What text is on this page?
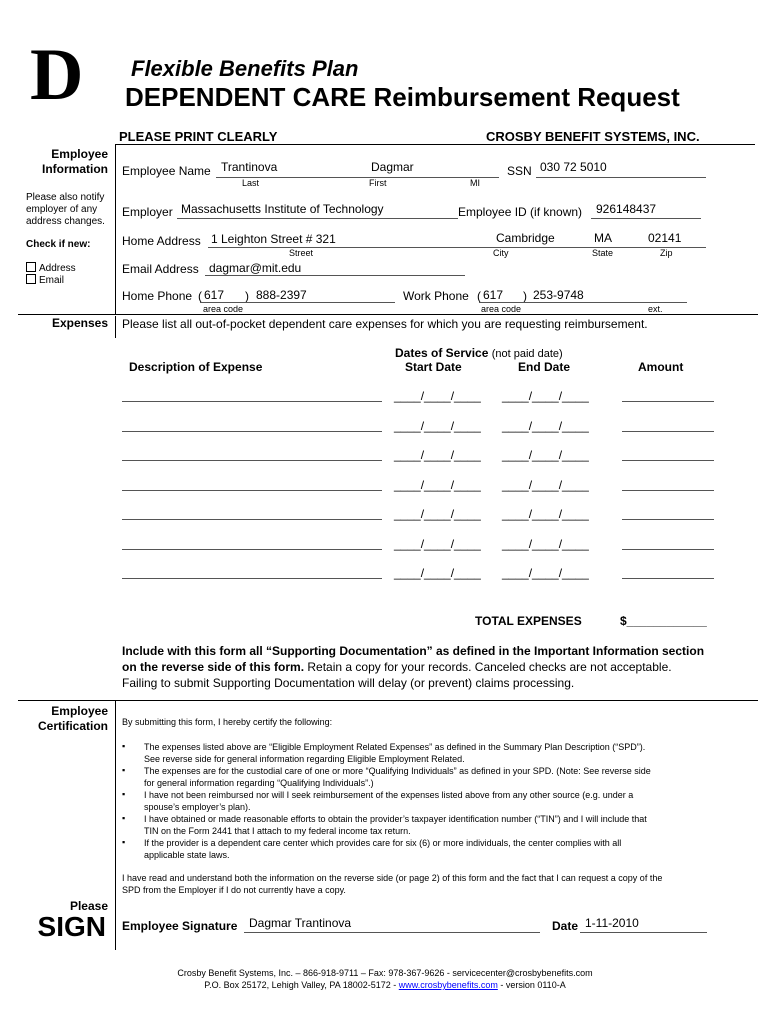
D Flexible Benefits Plan
DEPENDENT CARE Reimbursement Request
PLEASE PRINT CLEARLY	CROSBY BENEFIT SYSTEMS, INC.
Employee Information
Please also notify
employer of any
address changes.
Check if new:
Address
Email
Expenses
Employee Certification
Please
SIGN
Employee Name Trantinova	Dagmar
Last	First	MI
SSN 030 72 5010
Employer Massachusetts Institute of Technology	Employee ID (if known) 926148437
Home Address 1 Leighton Street # 321	Cambridge	MA	02141
Street	City	State	Zip
Email Address dagmar@mit.edu
Home Phone ( 617 ) 888-2397	Work Phone ( 617 ) 253-9748
area code	area code	ext.
Please list all out-of-pocket dependent care expenses for which you are requesting reimbursement.
Dates of Service (not paid date)
Description of Expense	Start Date	End Date	Amount
____/____/____ ____/____/____
____/____/____ ____/____/____
____/____/____ ____/____/____
____/____/____ ____/____/____
____/____/____ ____/____/____
____/____/____ ____/____/____
____/____/____ ____/____/____
TOTAL EXPENSES	$____________
Include with this form all “Supporting Documentation” as defined in the Important Information section
on the reverse side of this form. Retain a copy for your records. Canceled checks are not acceptable.
Failing to submit Supporting Documentation will delay (or prevent) claims processing.
By submitting this form, I hereby certify the following:
▪ The expenses listed above are “Eligible Employment Related Expenses” as defined in the Summary Plan Description (“SPD”).
See reverse side for general information regarding Eligible Employment Related.
▪ The expenses are for the custodial care of one or more “Qualifying Individuals” as defined in your SPD. (Note: See reverse side
for general information regarding “Qualifying Individuals”.)
▪ I have not been reimbursed nor will I seek reimbursement of the expenses listed above from any other source (e.g. under a
spouse’s employer’s plan).
▪ I have obtained or made reasonable efforts to obtain the provider’s taxpayer identification number (“TIN”) and I will include that
TIN on the Form 2441 that I attach to my federal income tax return.
▪ If the provider is a dependent care center which provides care for six (6) or more individuals, the center complies with all
applicable state laws.
I have read and understand both the information on the reverse side (or page 2) of this form and the fact that I can request a copy of the
SPD from the Employer if I do not currently have a copy.
Employee Signature Dagmar Trantinova	Date 1-11-2010
Crosby Benefit Systems, Inc. – 866-918-9711 – Fax: 978-367-9626 - servicecenter@crosbybenefits.com
P.O. Box 25172, Lehigh Valley, PA 18002-5172 - www.crosbybenefits.com - version 0110-A
